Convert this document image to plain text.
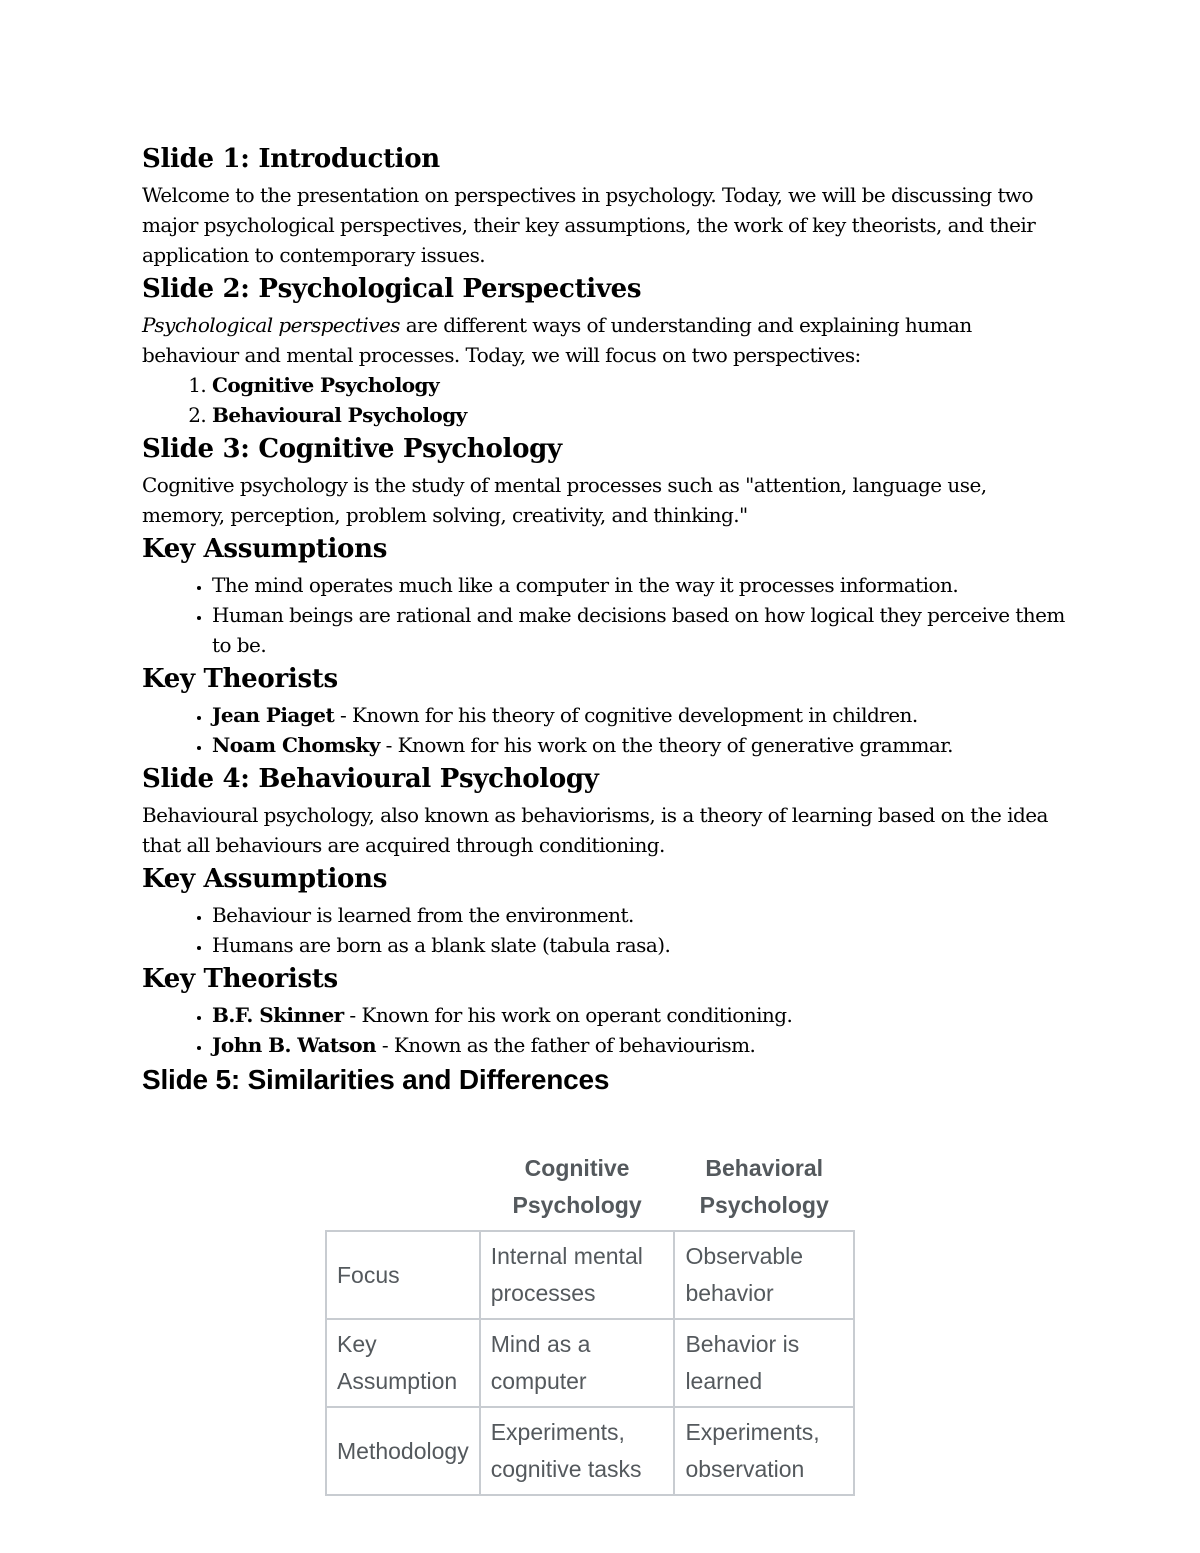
Slide 1: Introduction

Welcome to the presentation on perspectives in psychology. Today, we will be discussing two major psychological perspectives, their key assumptions, the work of key theorists, and their application to contemporary issues.

Slide 2: Psychological Perspectives

Psychological perspectives are different ways of understanding and explaining human behaviour and mental processes. Today, we will focus on two perspectives:

1. Cognitive Psychology
2. Behavioural Psychology
Slide 3: Cognitive Psychology

Cognitive psychology is the study of mental processes such as "attention, language use, memory, perception, problem solving, creativity, and thinking."

Key Assumptions
• The mind operates much like a computer in the way it processes information.
• Human beings are rational and make decisions based on how logical they perceive them to be.
Key Theorists
• Jean Piaget - Known for his theory of cognitive development in children.
• Noam Chomsky - Known for his work on the theory of generative grammar.
Slide 4: Behavioural Psychology

Behavioural psychology, also known as behaviorisms, is a theory of learning based on the idea that all behaviours are acquired through conditioning.

Key Assumptions
• Behaviour is learned from the environment.
• Humans are born as a blank slate (tabula rasa).
Key Theorists
• B.F. Skinner - Known for his work on operant conditioning.
• John B. Watson - Known as the father of behaviourism.
Slide 5: Similarities and Differences
	Cognitive Psychology	Behavioral Psychology
Focus	Internal mental processes	Observable behavior
Key Assumption	Mind as a computer	Behavior is learned
Methodology	Experiments, cognitive tasks	Experiments, observation
